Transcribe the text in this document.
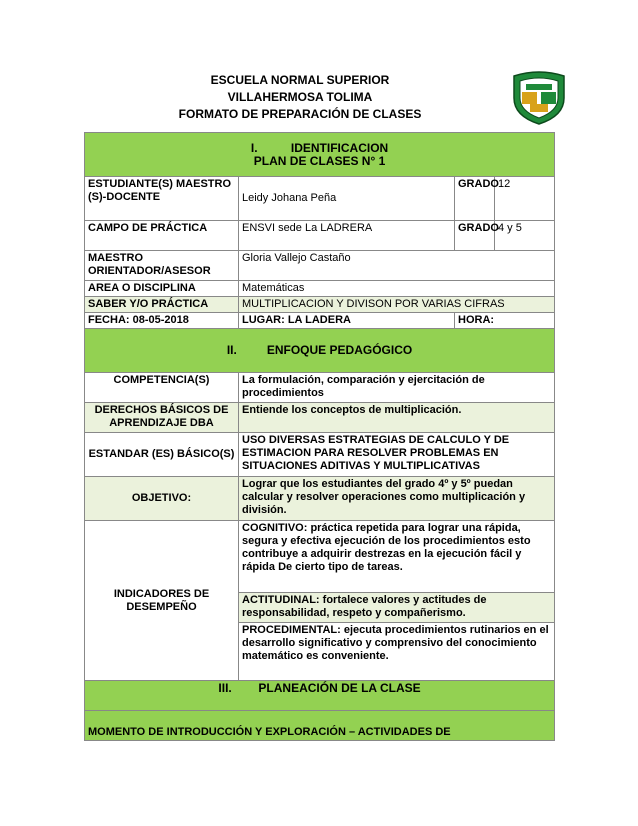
ESCUELA NORMAL SUPERIOR
VILLAHERMOSA TOLIMA
FORMATO DE PREPARACIÓN DE CLASES
I. IDENTIFICACION
PLAN DE CLASES N° 1			

ESTUDIANTE(S) MAESTRO (S)-DOCENTE	Leidy Johana Peña	GRADO	12
CAMPO DE PRÁCTICA	ENSVI sede La LADRERA	GRADO	4 y 5
MAESTRO ORIENTADOR/ASESOR	Gloria Vallejo Castaño		
AREA O DISCIPLINA	Matemáticas		
SABER Y/O PRÁCTICA	MULTIPLICACION Y DIVISON POR VARIAS CIFRAS		
FECHA: 08-05-2018	LUGAR: LA LADERA	HORA:	
II. ENFOQUE PEDAGÓGICO			
COMPETENCIA(S)	La formulación, comparación y ejercitación de procedimientos		
DERECHOS BÁSICOS DE APRENDIZAJE DBA	Entiende los conceptos de multiplicación.		
ESTANDAR (ES) BÁSICO(S)	USO DIVERSAS ESTRATEGIAS DE CALCULO Y DE ESTIMACION PARA RESOLVER PROBLEMAS EN SITUACIONES ADITIVAS Y MULTIPLICATIVAS		
OBJETIVO:	Lograr que los estudiantes del grado 4º y 5º puedan calcular y resolver operaciones como multiplicación y división.		
INDICADORES DE DESEMPEÑO	COGNITIVO: práctica repetida para lograr una rápida, segura y efectiva ejecución de los procedimientos esto contribuye a adquirir destrezas en la ejecución fácil y rápida De cierto tipo de tareas.		
	ACTITUDINAL: fortalece valores y actitudes de responsabilidad, respeto y compañerismo.		
	PROCEDIMENTAL: ejecuta procedimientos rutinarios en el desarrollo significativo y comprensivo del conocimiento matemático es conveniente.		
III. PLANEACIÓN DE LA CLASE			
MOMENTO DE INTRODUCCIÓN Y EXPLORACIÓN – ACTIVIDADES DE			
